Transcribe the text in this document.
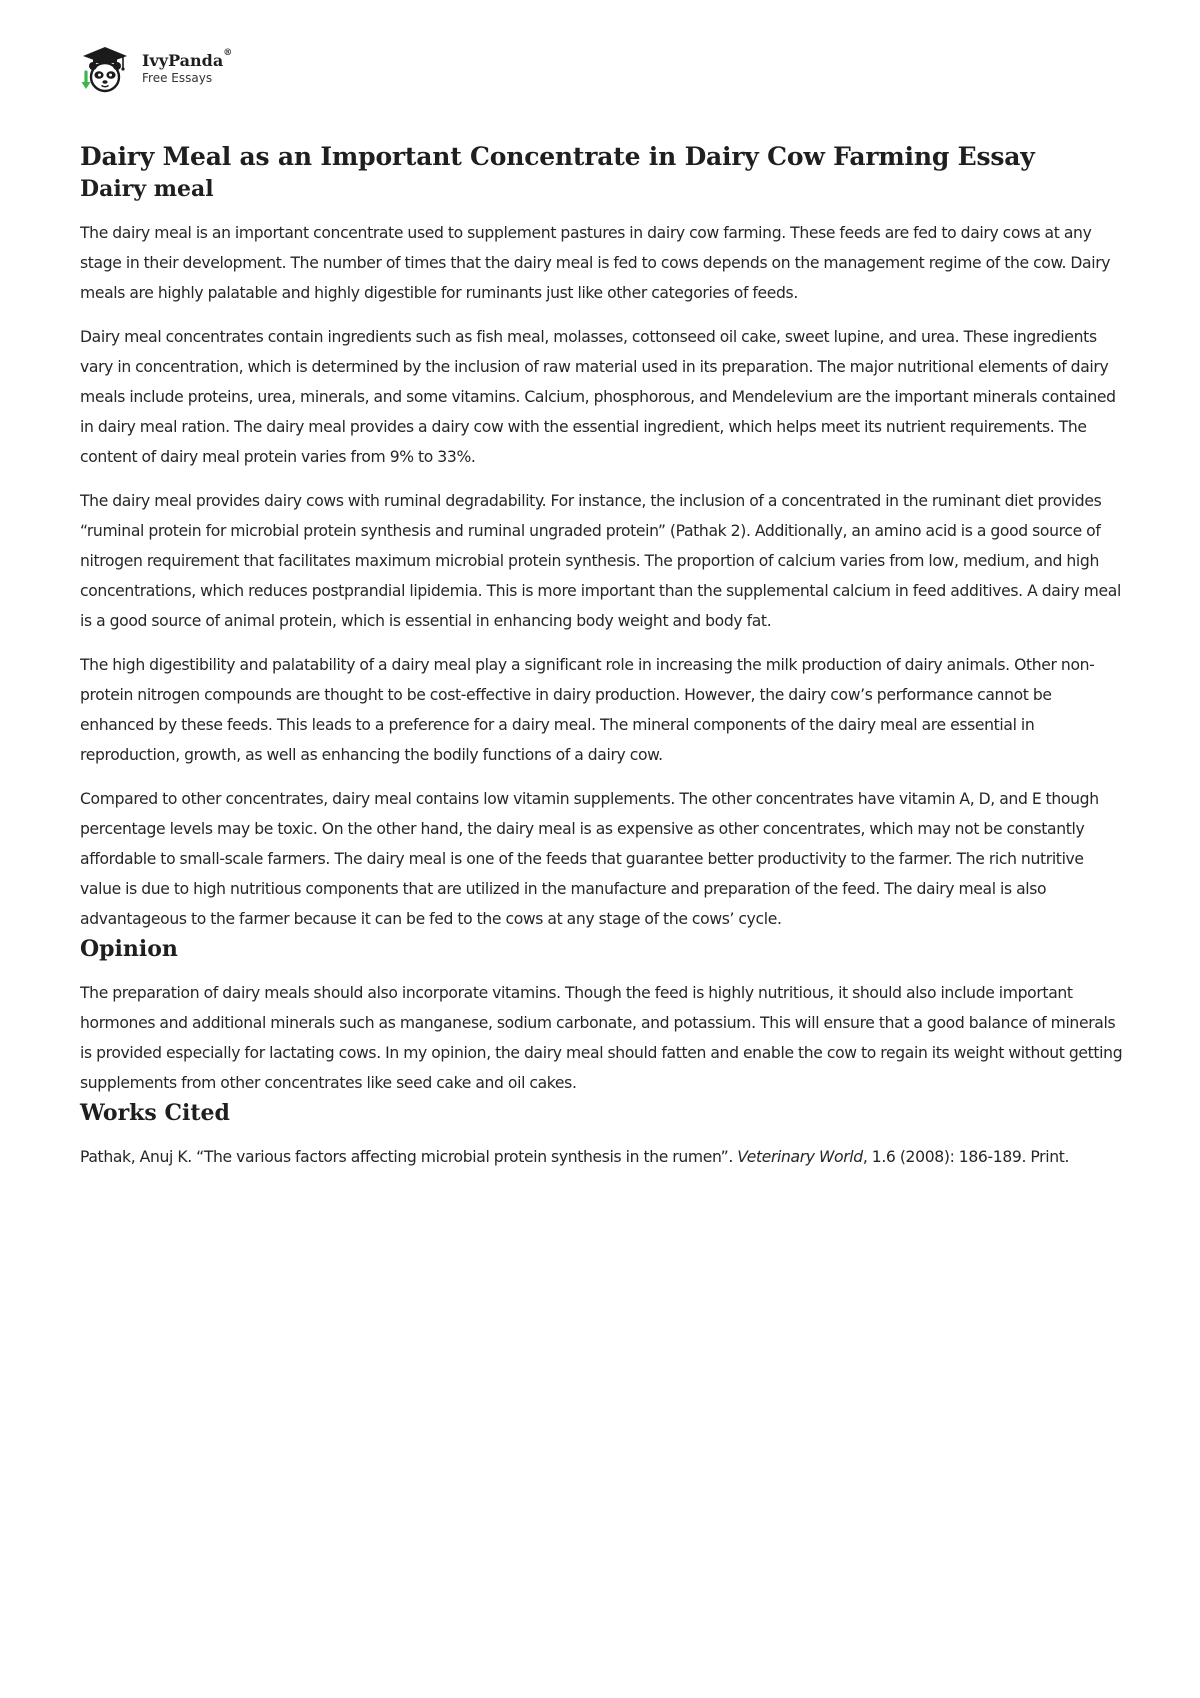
IvyPanda®
Free Essays
Dairy Meal as an Important Concentrate in Dairy Cow Farming Essay
Dairy meal

The dairy meal is an important concentrate used to supplement pastures in dairy cow farming. These feeds are fed to dairy cows at any stage in their development. The number of times that the dairy meal is fed to cows depends on the management regime of the cow. Dairy meals are highly palatable and highly digestible for ruminants just like other categories of feeds.

Dairy meal concentrates contain ingredients such as fish meal, molasses, cottonseed oil cake, sweet lupine, and urea. These ingredients vary in concentration, which is determined by the inclusion of raw material used in its preparation. The major nutritional elements of dairy meals include proteins, urea, minerals, and some vitamins. Calcium, phosphorous, and Mendelevium are the important minerals contained in dairy meal ration. The dairy meal provides a dairy cow with the essential ingredient, which helps meet its nutrient requirements. The content of dairy meal protein varies from 9% to 33%.

The dairy meal provides dairy cows with ruminal degradability. For instance, the inclusion of a concentrated in the ruminant diet provides “ruminal protein for microbial protein synthesis and ruminal ungraded protein” (Pathak 2). Additionally, an amino acid is a good source of nitrogen requirement that facilitates maximum microbial protein synthesis. The proportion of calcium varies from low, medium, and high concentrations, which reduces postprandial lipidemia. This is more important than the supplemental calcium in feed additives. A dairy meal is a good source of animal protein, which is essential in enhancing body weight and body fat.

The high digestibility and palatability of a dairy meal play a significant role in increasing the milk production of dairy animals. Other non-protein nitrogen compounds are thought to be cost-effective in dairy production. However, the dairy cow’s performance cannot be enhanced by these feeds. This leads to a preference for a dairy meal. The mineral components of the dairy meal are essential in reproduction, growth, as well as enhancing the bodily functions of a dairy cow.

Compared to other concentrates, dairy meal contains low vitamin supplements. The other concentrates have vitamin A, D, and E though percentage levels may be toxic. On the other hand, the dairy meal is as expensive as other concentrates, which may not be constantly affordable to small-scale farmers. The dairy meal is one of the feeds that guarantee better productivity to the farmer. The rich nutritive value is due to high nutritious components that are utilized in the manufacture and preparation of the feed. The dairy meal is also advantageous to the farmer because it can be fed to the cows at any stage of the cows’ cycle.

Opinion

The preparation of dairy meals should also incorporate vitamins. Though the feed is highly nutritious, it should also include important hormones and additional minerals such as manganese, sodium carbonate, and potassium. This will ensure that a good balance of minerals is provided especially for lactating cows. In my opinion, the dairy meal should fatten and enable the cow to regain its weight without getting supplements from other concentrates like seed cake and oil cakes.

Works Cited

Pathak, Anuj K. “The various factors affecting microbial protein synthesis in the rumen”. Veterinary World, 1.6 (2008): 186-189. Print.
